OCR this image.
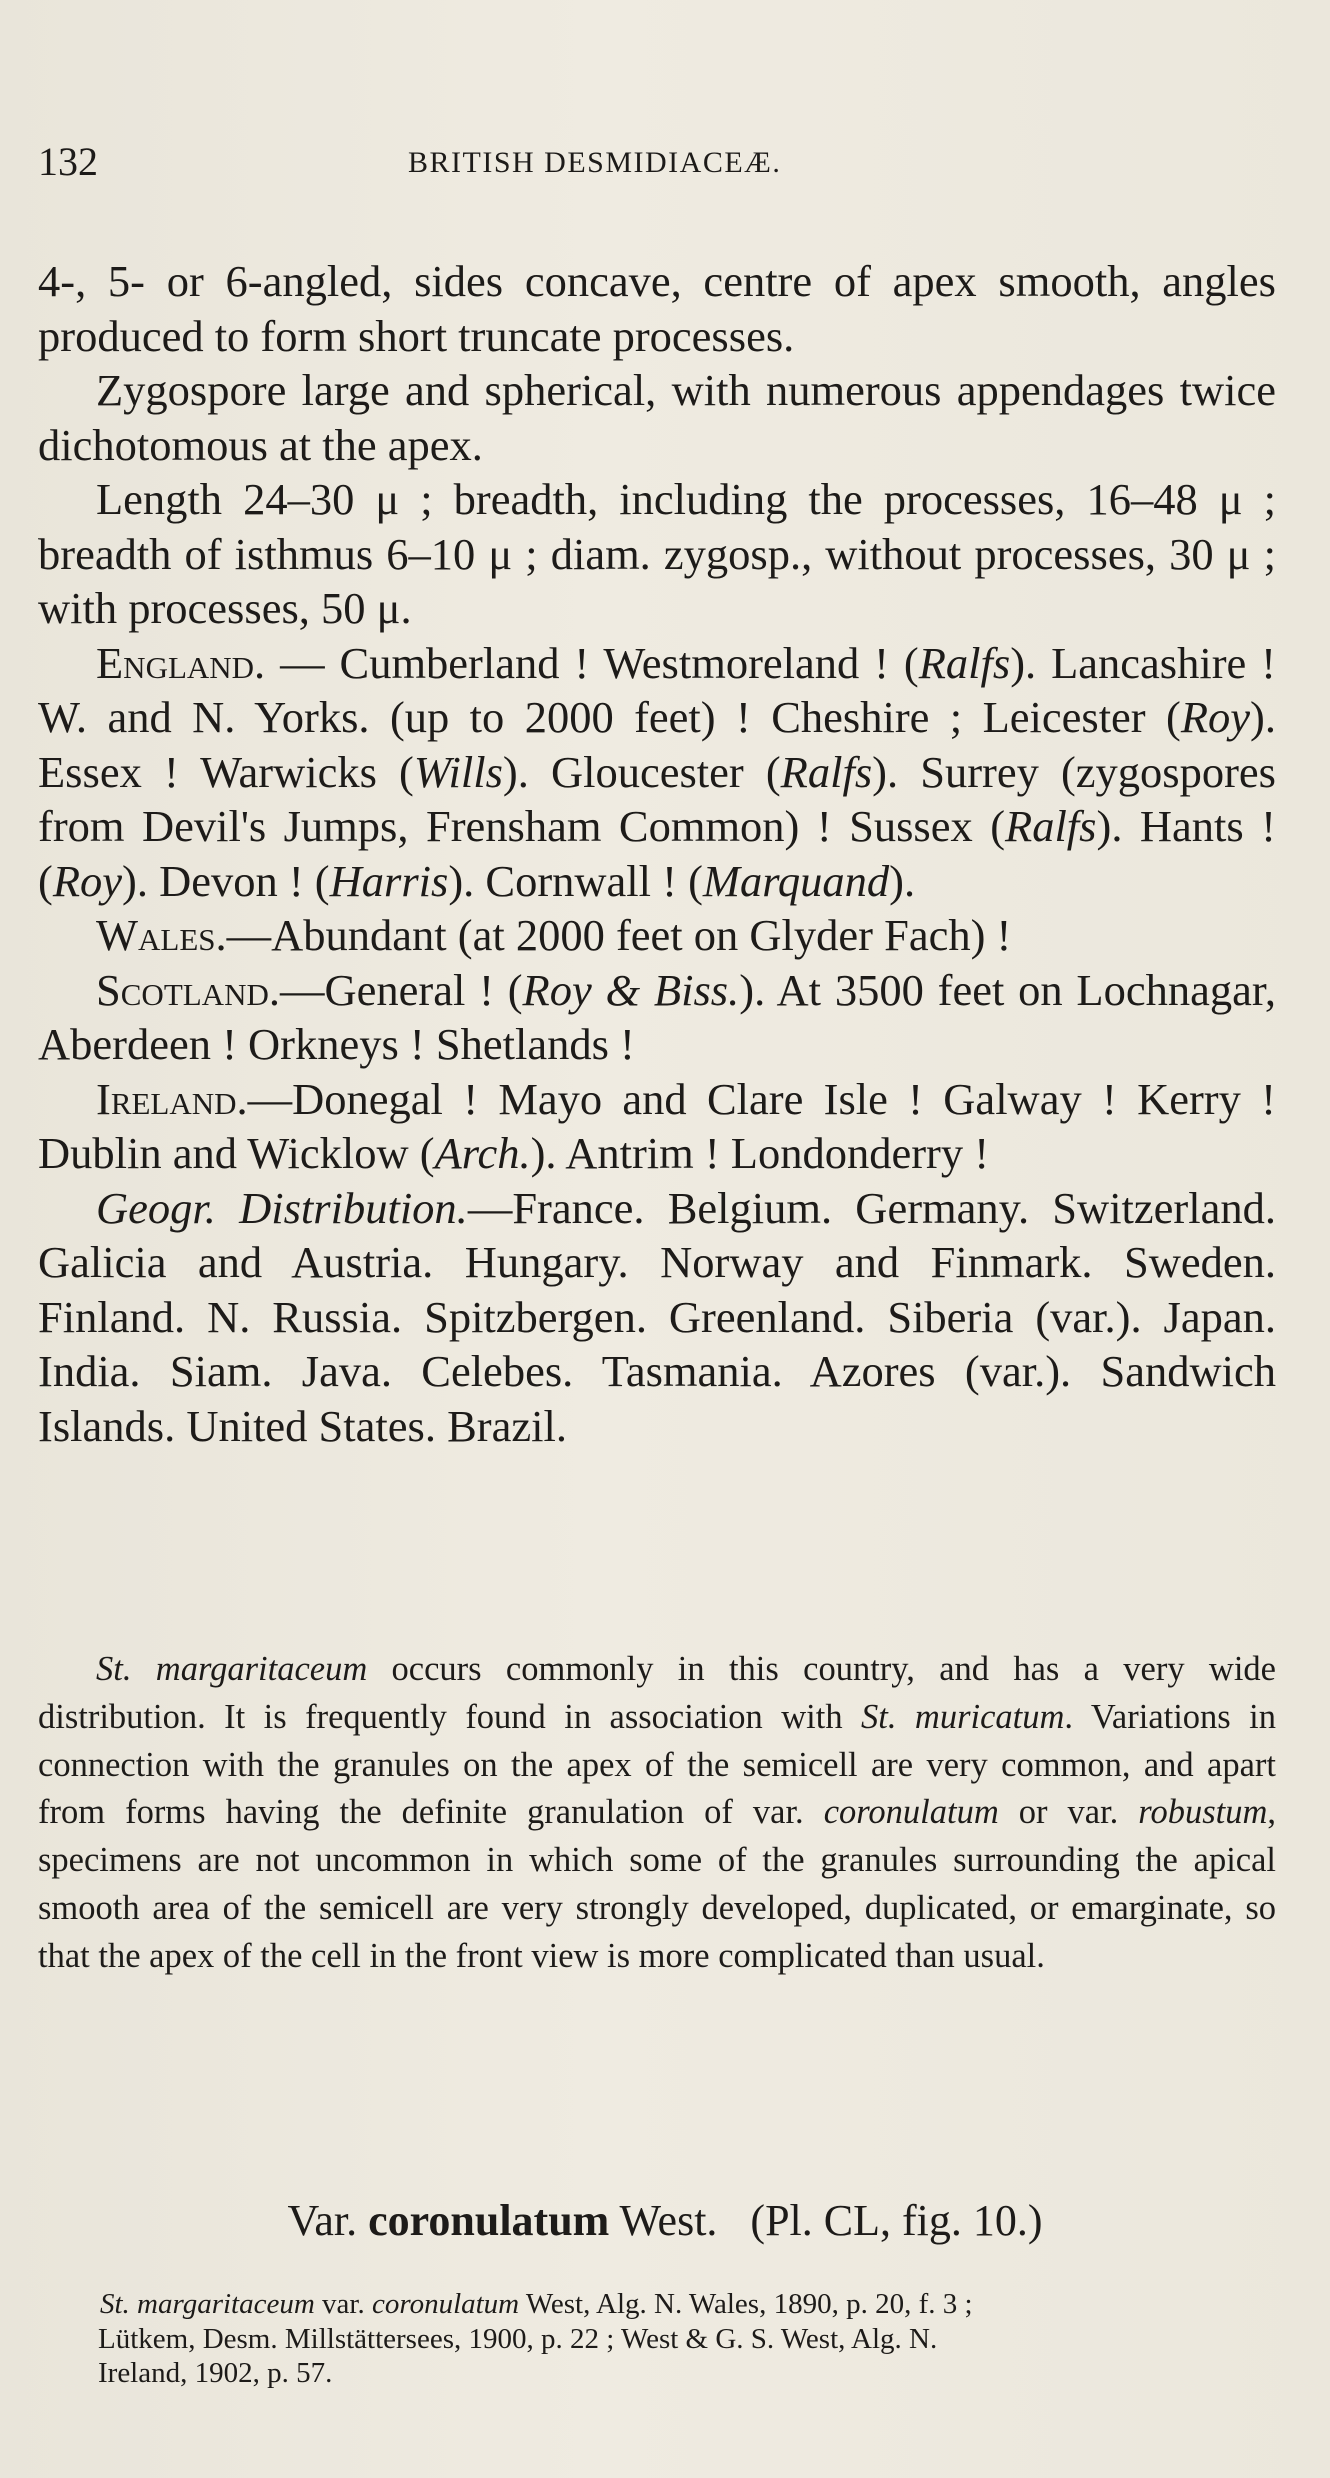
132	BRITISH DESMIDIACEÆ.

4-, 5- or 6-angled, sides concave, centre of apex smooth, angles produced to form short truncate processes.

Zygospore large and spherical, with numerous appendages twice dichotomous at the apex.

Length 24–30 μ ; breadth, including the processes, 16–48 μ ; breadth of isthmus 6–10 μ ; diam. zygosp., without processes, 30 μ ; with processes, 50 μ.

England. — Cumberland ! Westmoreland ! (Ralfs). Lancashire ! W. and N. Yorks. (up to 2000 feet) ! Cheshire ; Leicester (Roy). Essex ! Warwicks (Wills). Gloucester (Ralfs). Surrey (zygospores from Devil's Jumps, Frensham Common) ! Sussex (Ralfs). Hants ! (Roy). Devon ! (Harris). Cornwall ! (Marquand).

Wales.—Abundant (at 2000 feet on Glyder Fach) !

Scotland.—General ! (Roy & Biss.). At 3500 feet on Lochnagar, Aberdeen ! Orkneys ! Shetlands !

Ireland.—Donegal ! Mayo and Clare Isle ! Galway ! Kerry ! Dublin and Wicklow (Arch.). Antrim ! Londonderry !

Geogr. Distribution.—France. Belgium. Germany. Switzerland. Galicia and Austria. Hungary. Norway and Finmark. Sweden. Finland. N. Russia. Spitzbergen. Greenland. Siberia (var.). Japan. India. Siam. Java. Celebes. Tasmania. Azores (var.). Sandwich Islands. United States. Brazil.

St. margaritaceum occurs commonly in this country, and has a very wide distribution. It is frequently found in association with St. muricatum. Variations in connection with the granules on the apex of the semicell are very common, and apart from forms having the definite granulation of var. coronulatum or var. robustum, specimens are not uncommon in which some of the granules surrounding the apical smooth area of the semicell are very strongly developed, duplicated, or emarginate, so that the apex of the cell in the front view is more complicated than usual.

Var. coronulatum West. (Pl. CL, fig. 10.)

St. margaritaceum var. coronulatum West, Alg. N. Wales, 1890, p. 20, f. 3 ;

Lütkem, Desm. Millstättersees, 1900, p. 22 ; West & G. S. West, Alg. N.

Ireland, 1902, p. 57.
